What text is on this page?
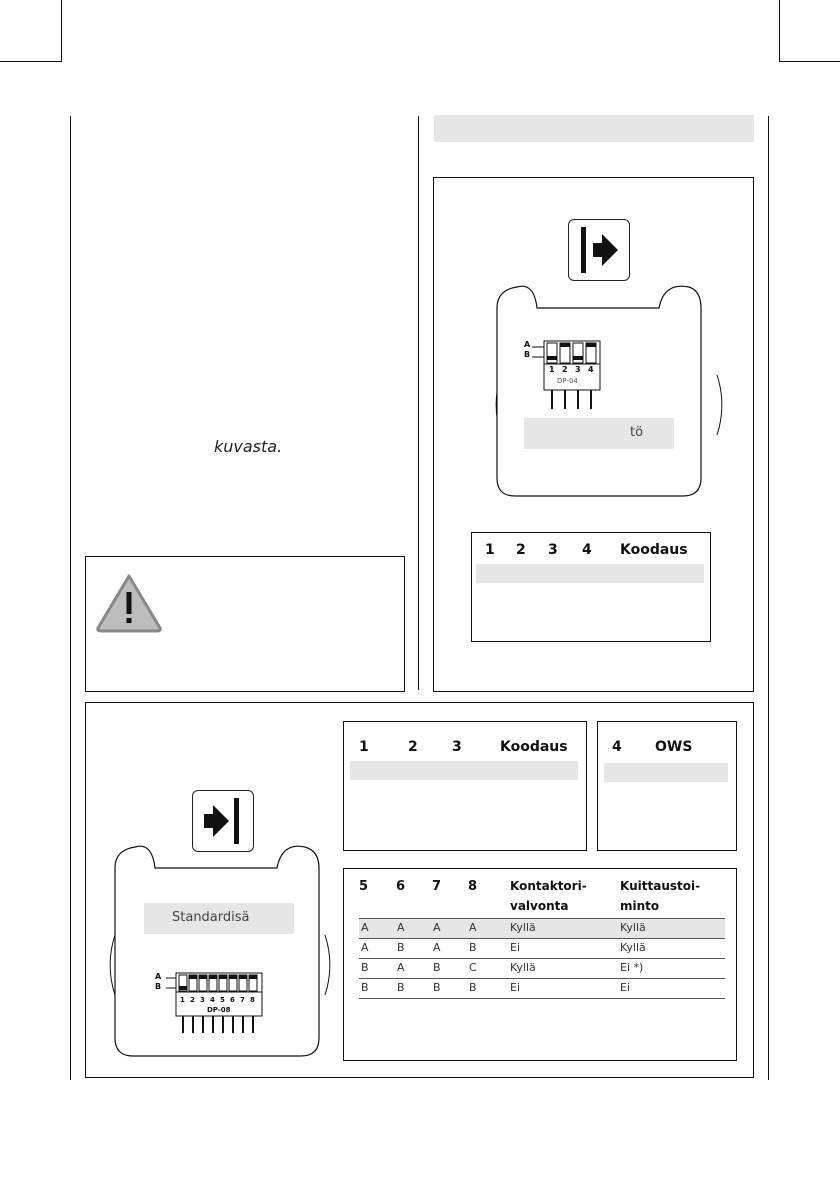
kuvasta.
A
B
1 2 3 4
DP-04
tö
1 2 3 4 Koodaus
Standardisä
A
B
1 2 3 4 5 6 7 8
DP-08
1	2 3	Koodaus	4 OWS
5 6 7 8	Kontaktori-
valvonta
Kuittaustoi-
minto
A	A	A	A	Kyllä	Kyllä
A	B	A	B	Ei	Kyllä
B	A	B	C	Kyllä	Ei *)
B	B	B	B	Ei	Ei
